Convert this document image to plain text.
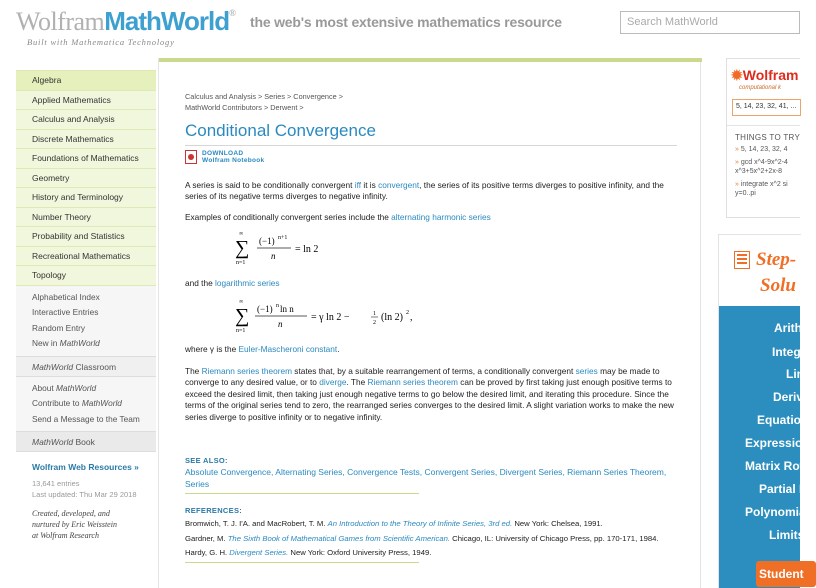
WolframMathWorld®
the web's most extensive mathematics resource
Built with Mathematica Technology
Search MathWorld
Algebra
Applied Mathematics
Calculus and Analysis
Discrete Mathematics
Foundations of Mathematics
Geometry
History and Terminology
Number Theory
Probability and Statistics
Recreational Mathematics
Topology
Alphabetical Index
Interactive Entries
Random Entry
New in MathWorld
MathWorld Classroom
About MathWorld
Contribute to MathWorld
Send a Message to the Team
MathWorld Book
Wolfram Web Resources »
13,641 entries
Last updated: Thu Mar 29 2018
Created, developed, and
nurtured by Eric Weisstein
at Wolfram Research
Calculus and Analysis > Series > Convergence >
MathWorld Contributors > Derwent >
Conditional Convergence
DOWNLOAD
Wolfram Notebook

A series is said to be conditionally convergent iff it is convergent, the series of its positive terms diverges to positive infinity, and the series of its negative terms diverges to negative infinity.

Examples of conditionally convergent series include the alternating harmonic series

∞
∑
n=1
(−1) n+1
n
= ln 2

and the logarithmic series

∞
∑
n=1
(−1) n ln n
n
= γ ln 2 −	1
2 (ln 2) 2 ,

where γ is the Euler-Mascheroni constant.

The Riemann series theorem states that, by a suitable rearrangement of terms, a conditionally convergent series may be made to converge to any desired value, or to diverge. The Riemann series theorem can be proved by first taking just enough positive terms to exceed the desired limit, then taking just enough negative terms to go below the desired limit, and iterating this procedure. Since the terms of the original series tend to zero, the rearranged series converges to the desired limit. A slight variation works to make the new series diverge to positive infinity or to negative infinity.

SEE ALSO:
Absolute Convergence, Alternating Series, Convergence Tests, Convergent Series, Divergent Series, Riemann Series Theorem, Series
REFERENCES:
Bromwich, T. J. I'A. and MacRobert, T. M. An Introduction to the Theory of Infinite Series, 3rd ed. New York: Chelsea, 1991.
Gardner, M. The Sixth Book of Mathematical Games from Scientific American. Chicago, IL: University of Chicago Press, pp. 170-171, 1984.
Hardy, G. H. Divergent Series. New York: Oxford University Press, 1949.
✹Wolfram
computational k
5, 14, 23, 32, 41, ...
THINGS TO TRY
» 5, 14, 23, 32, 4
» gcd x^4-9x^2-4
x^3+5x^2+2x-8
» integrate x^2 si
y=0..pi
Step-
Solu
Arith
Integ
Lin
Deriv
Equation
Expression
Matrix Row
Partial Fr
Polynomial
Limits
Student
